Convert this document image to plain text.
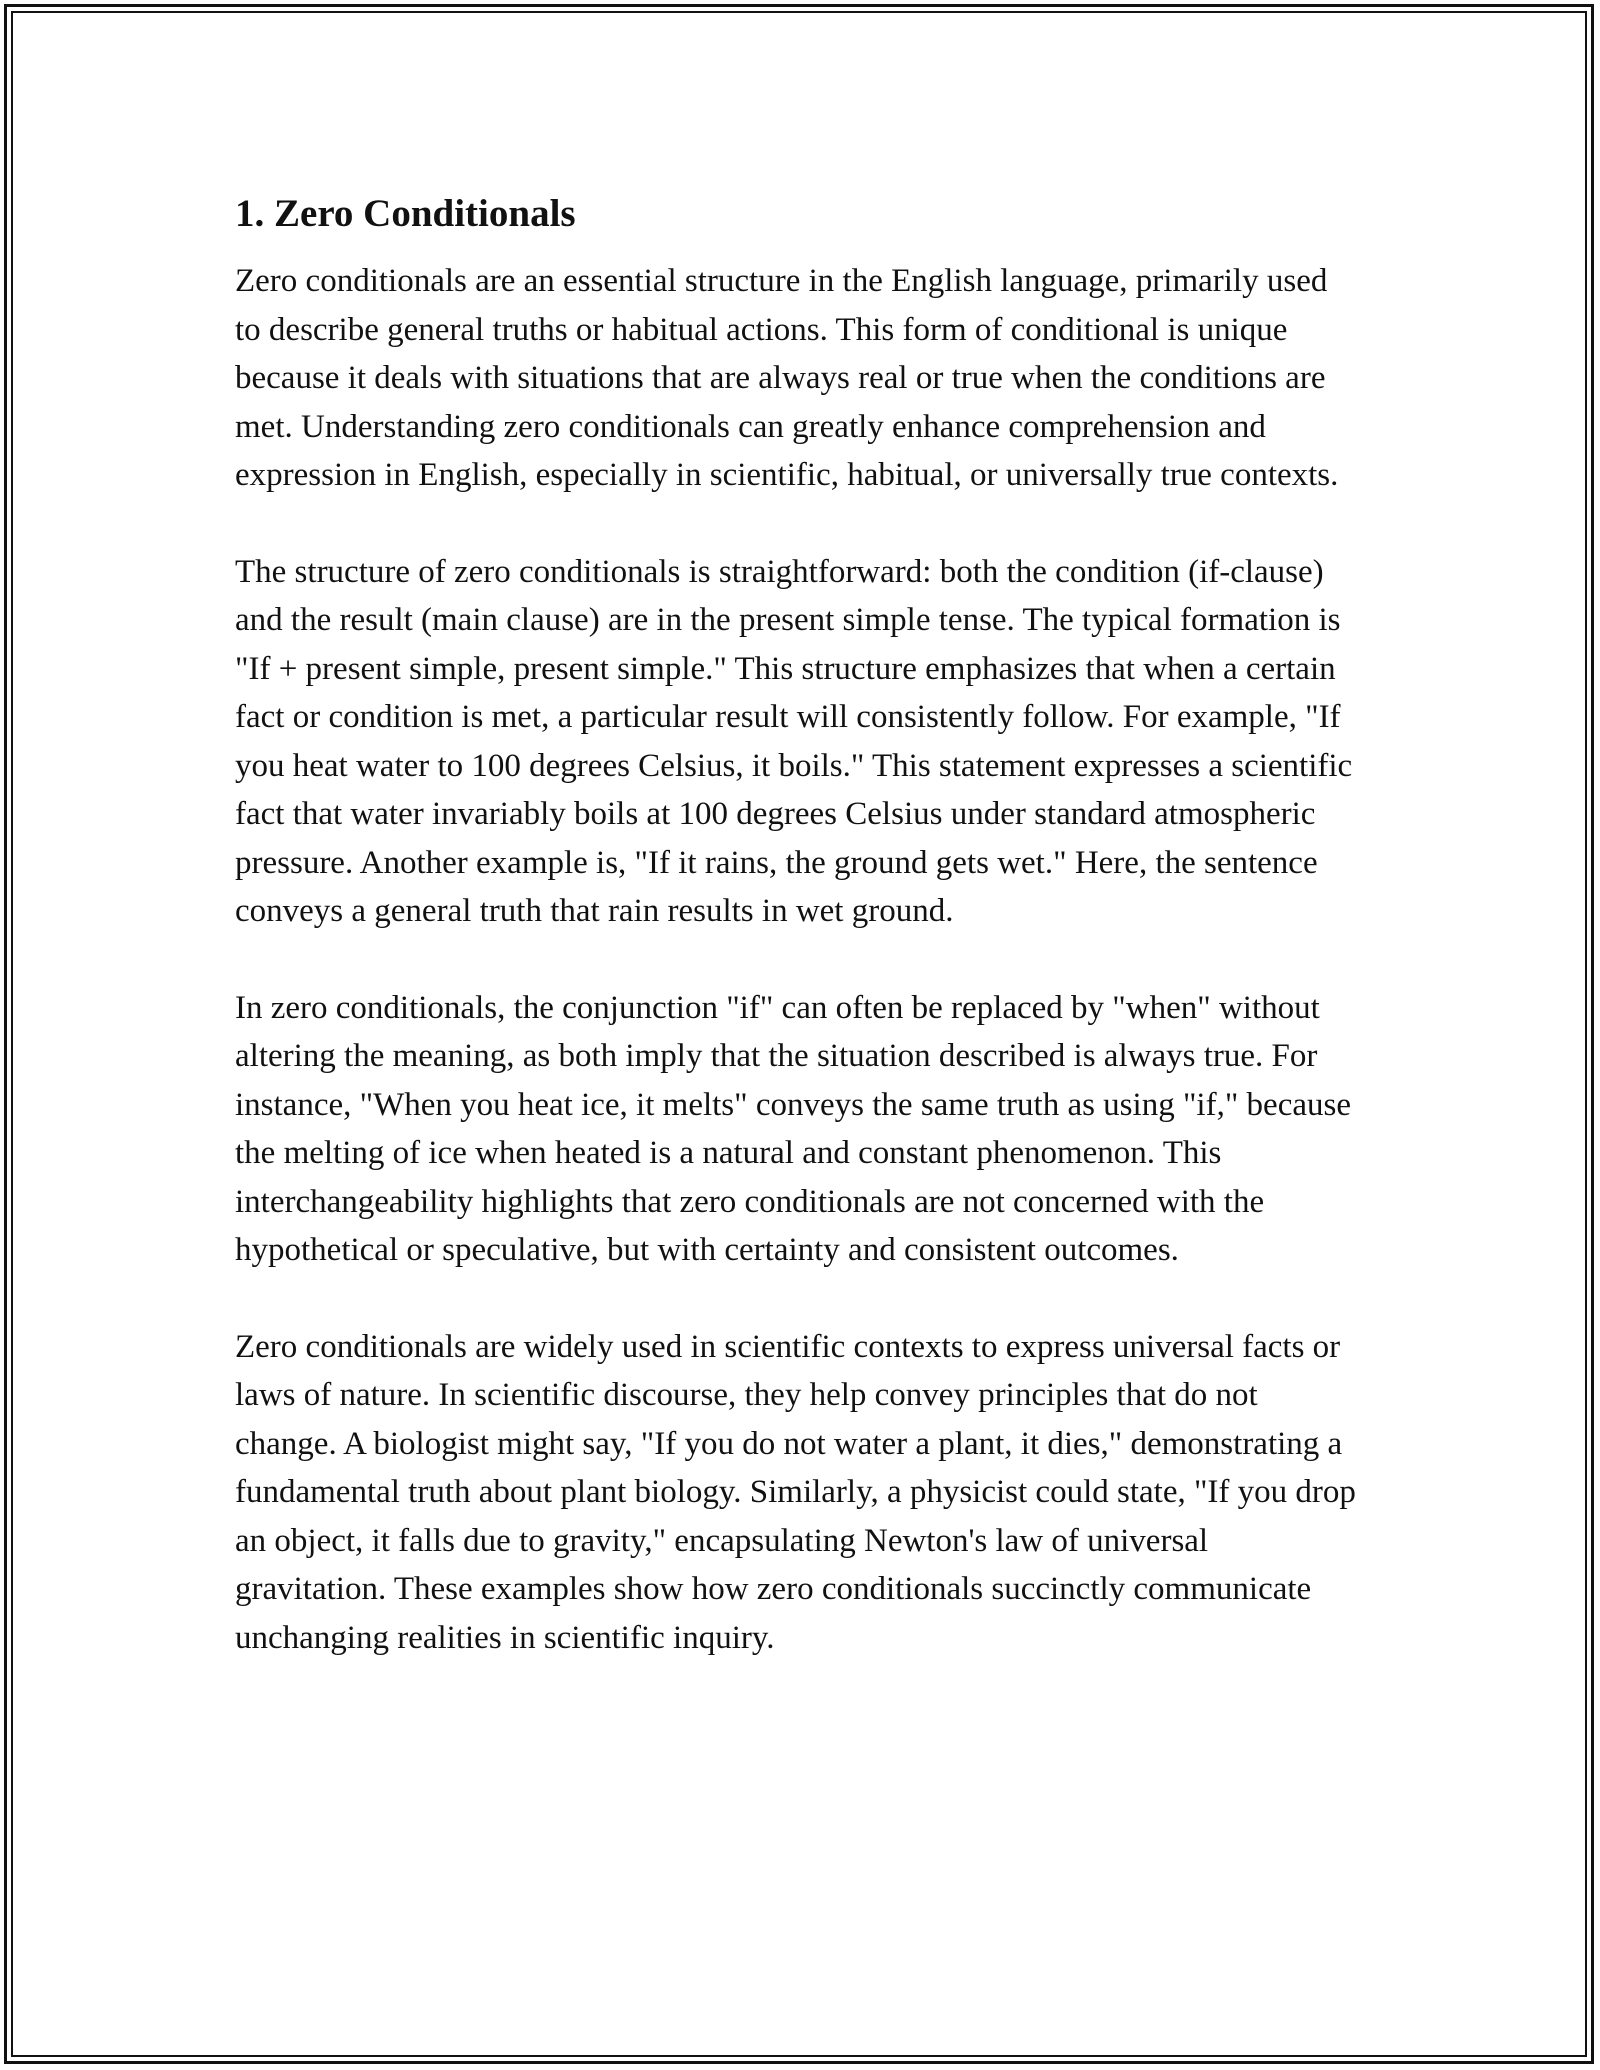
1. Zero Conditionals

Zero conditionals are an essential structure in the English language, primarily used to describe general truths or habitual actions. This form of conditional is unique because it deals with situations that are always real or true when the conditions are met. Understanding zero conditionals can greatly enhance comprehension and expression in English, especially in scientific, habitual, or universally true contexts.

The structure of zero conditionals is straightforward: both the condition (if-clause) and the result (main clause) are in the present simple tense. The typical formation is "If + present simple, present simple." This structure emphasizes that when a certain fact or condition is met, a particular result will consistently follow. For example, "If you heat water to 100 degrees Celsius, it boils." This statement expresses a scientific fact that water invariably boils at 100 degrees Celsius under standard atmospheric pressure. Another example is, "If it rains, the ground gets wet." Here, the sentence conveys a general truth that rain results in wet ground.

In zero conditionals, the conjunction "if" can often be replaced by "when" without altering the meaning, as both imply that the situation described is always true. For instance, "When you heat ice, it melts" conveys the same truth as using "if," because the melting of ice when heated is a natural and constant phenomenon. This interchangeability highlights that zero conditionals are not concerned with the hypothetical or speculative, but with certainty and consistent outcomes.

Zero conditionals are widely used in scientific contexts to express universal facts or laws of nature. In scientific discourse, they help convey principles that do not change. A biologist might say, "If you do not water a plant, it dies," demonstrating a fundamental truth about plant biology. Similarly, a physicist could state, "If you drop an object, it falls due to gravity," encapsulating Newton's law of universal gravitation. These examples show how zero conditionals succinctly communicate unchanging realities in scientific inquiry.
